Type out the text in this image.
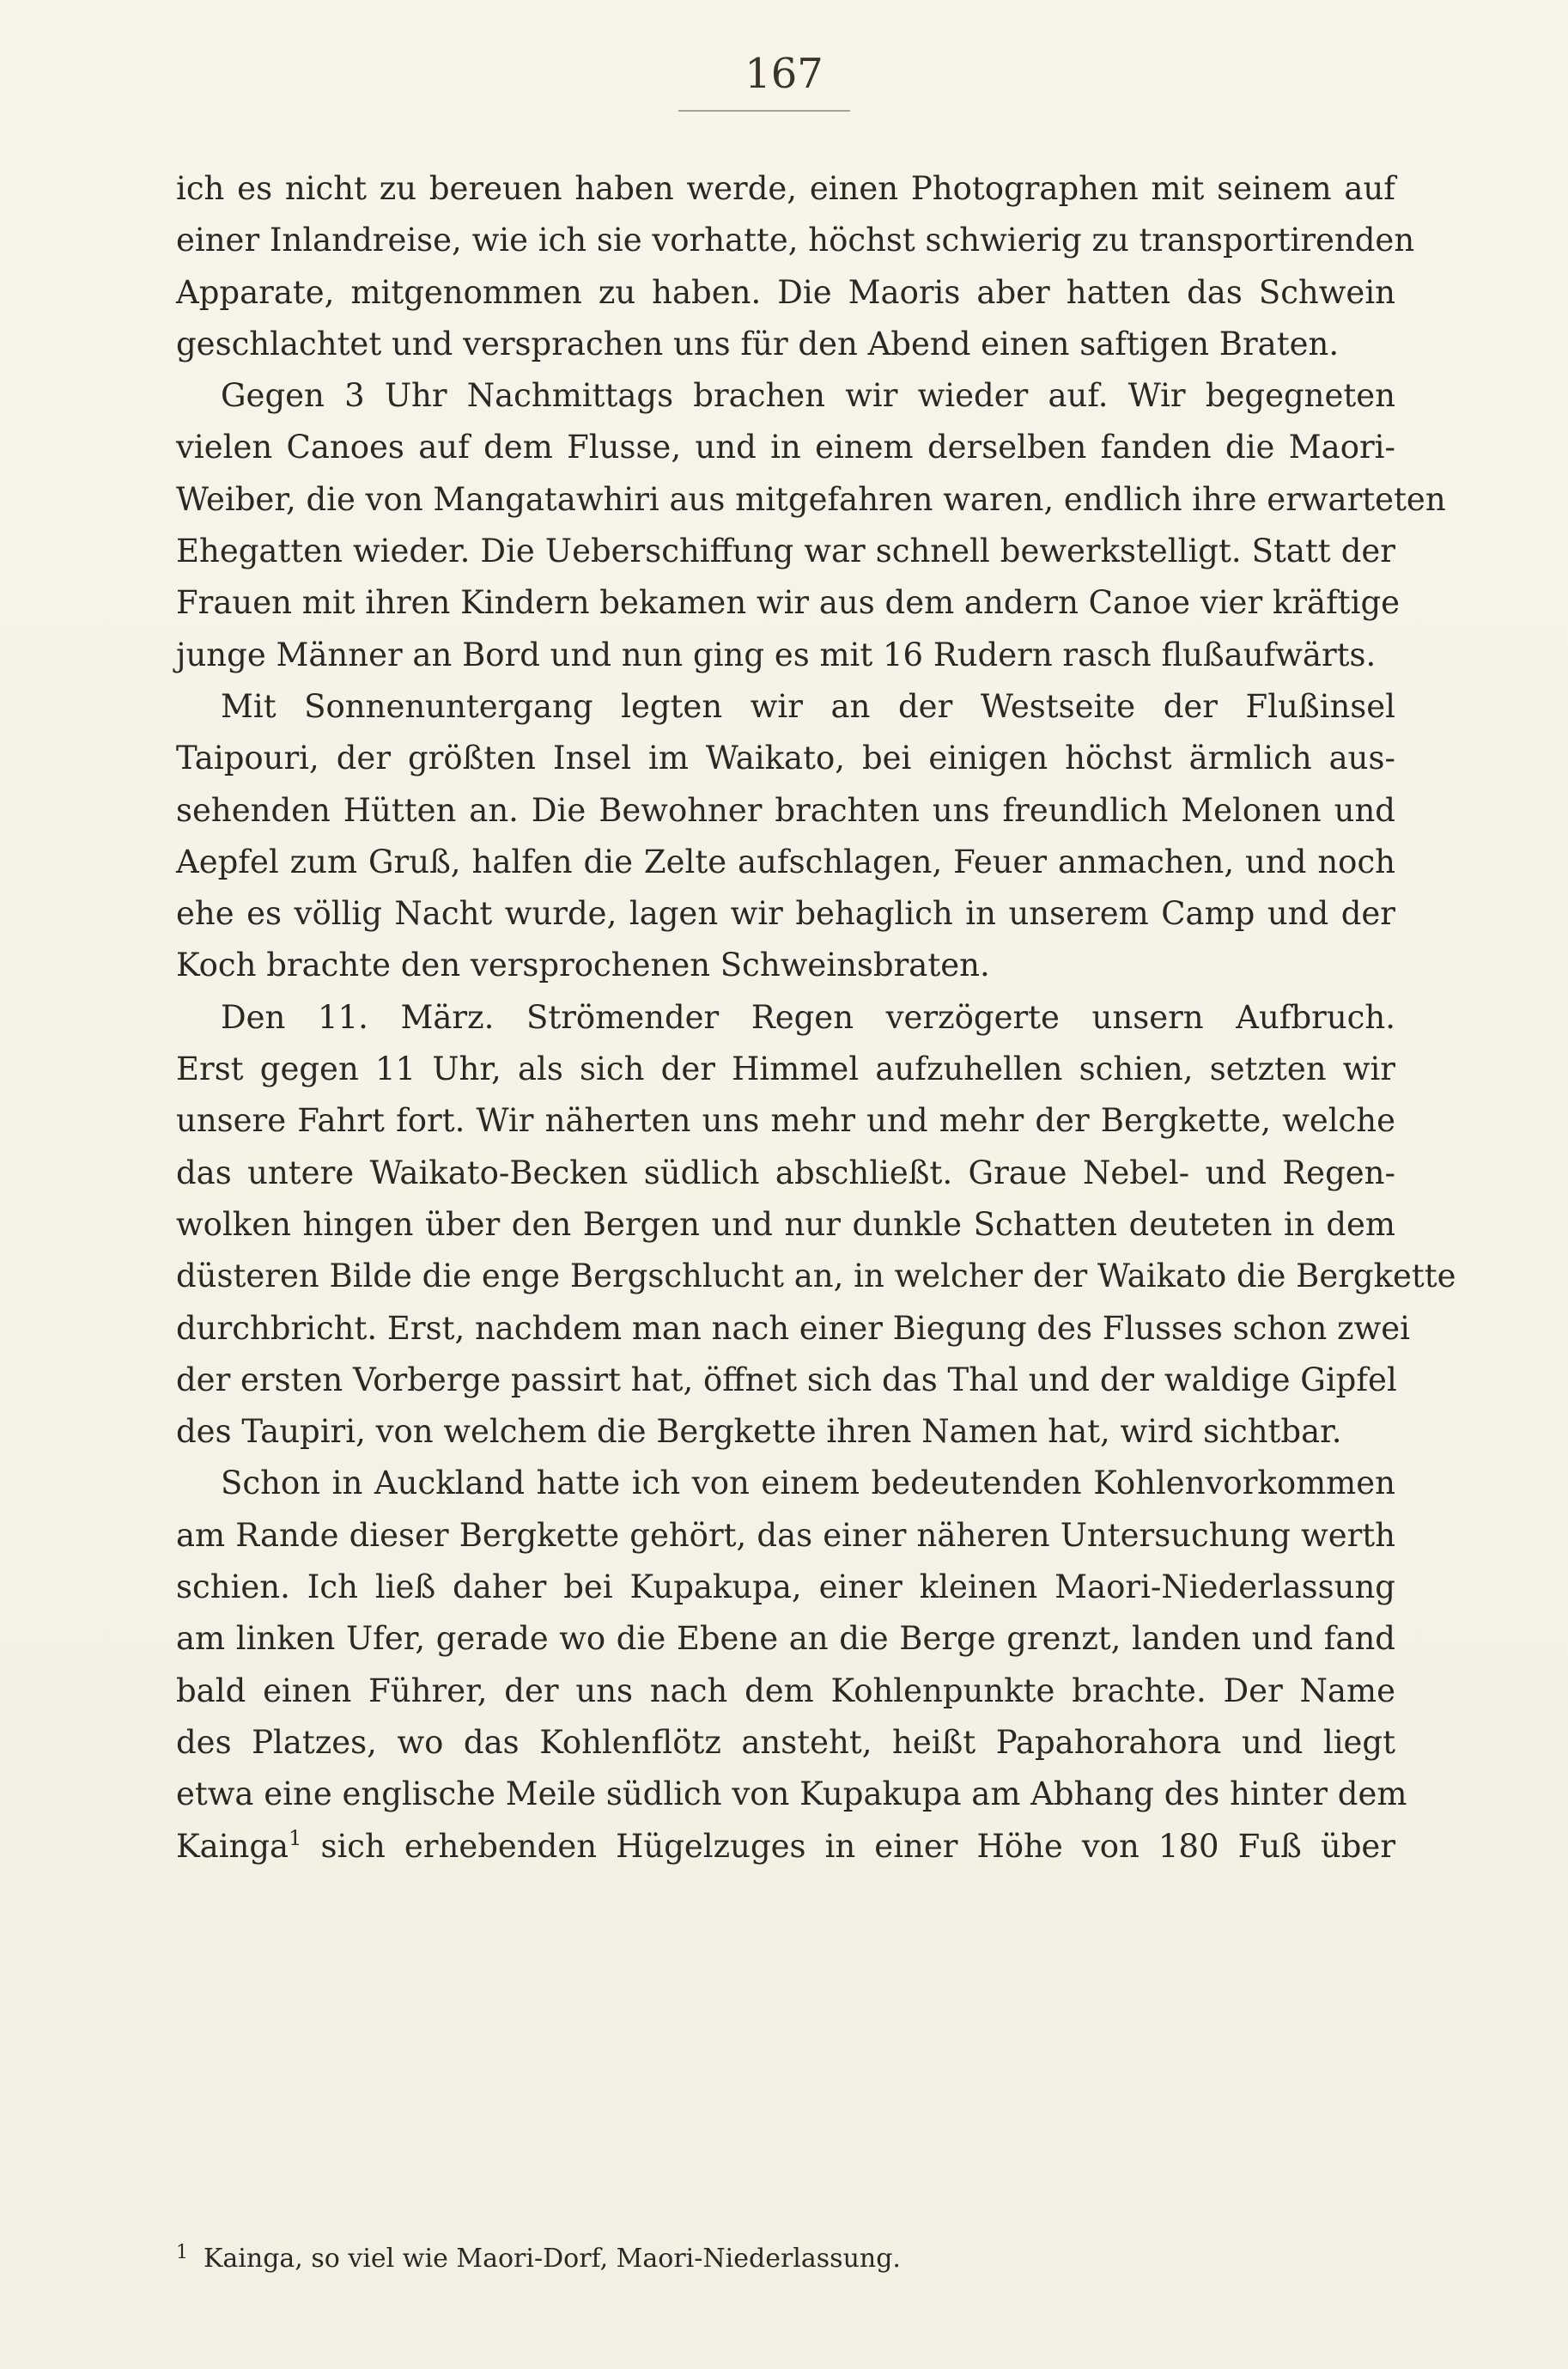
167
ich es nicht zu bereuen haben werde, einen Photographen mit seinem auf
einer Inlandreise, wie ich sie vorhatte, höchst schwierig zu transportirenden
Apparate, mitgenommen zu haben. Die Maoris aber hatten das Schwein
geschlachtet und versprachen uns für den Abend einen saftigen Braten.
Gegen 3 Uhr Nachmittags brachen wir wieder auf. Wir begegneten
vielen Canoes auf dem Flusse, und in einem derselben fanden die Maori-
Weiber, die von Mangatawhiri aus mitgefahren waren, endlich ihre erwarteten
Ehegatten wieder. Die Ueberschiffung war schnell bewerkstelligt. Statt der
Frauen mit ihren Kindern bekamen wir aus dem andern Canoe vier kräftige
junge Männer an Bord und nun ging es mit 16 Rudern rasch flußaufwärts.
Mit Sonnenuntergang legten wir an der Westseite der Flußinsel
Taipouri, der größten Insel im Waikato, bei einigen höchst ärmlich aus-
sehenden Hütten an. Die Bewohner brachten uns freundlich Melonen und
Aepfel zum Gruß, halfen die Zelte aufschlagen, Feuer anmachen, und noch
ehe es völlig Nacht wurde, lagen wir behaglich in unserem Camp und der
Koch brachte den versprochenen Schweinsbraten.
Den 11. März. Strömender Regen verzögerte unsern Aufbruch.
Erst gegen 11 Uhr, als sich der Himmel aufzuhellen schien, setzten wir
unsere Fahrt fort. Wir näherten uns mehr und mehr der Bergkette, welche
das untere Waikato-Becken südlich abschließt. Graue Nebel- und Regen-
wolken hingen über den Bergen und nur dunkle Schatten deuteten in dem
düsteren Bilde die enge Bergschlucht an, in welcher der Waikato die Bergkette
durchbricht. Erst, nachdem man nach einer Biegung des Flusses schon zwei
der ersten Vorberge passirt hat, öffnet sich das Thal und der waldige Gipfel
des Taupiri, von welchem die Bergkette ihren Namen hat, wird sichtbar.
Schon in Auckland hatte ich von einem bedeutenden Kohlenvorkommen
am Rande dieser Bergkette gehört, das einer näheren Untersuchung werth
schien. Ich ließ daher bei Kupakupa, einer kleinen Maori-Niederlassung
am linken Ufer, gerade wo die Ebene an die Berge grenzt, landen und fand
bald einen Führer, der uns nach dem Kohlenpunkte brachte. Der Name
des Platzes, wo das Kohlenflötz ansteht, heißt Papahorahora und liegt
etwa eine englische Meile südlich von Kupakupa am Abhang des hinter dem
Kainga$^1$ sich erhebenden Hügelzuges in einer Höhe von 180 Fuß über
$^1$ Kainga, so viel wie Maori-Dorf, Maori-Niederlassung.
